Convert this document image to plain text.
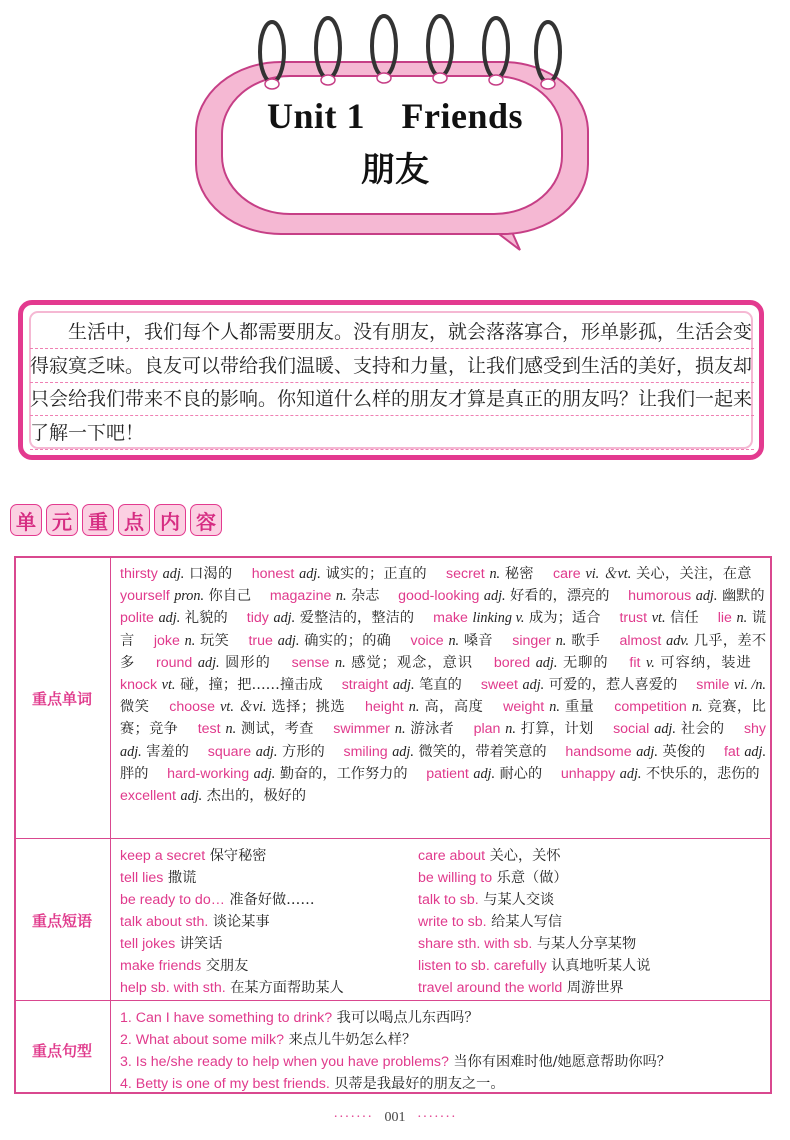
Unit 1　Friends
朋友

生活中，我们每个人都需要朋友。没有朋友，就会落落寡合，形单影孤，生活会变得寂寞乏味。良友可以带给我们温暖、支持和力量，让我们感受到生活的美好，损友却只会给我们带来不良的影响。你知道什么样的朋友才算是真正的朋友吗？让我们一起来了解一下吧！

单 元 重 点 内 容
重点单词
重点短语
重点句型

thirsty adj. 口渴的　 honest adj. 诚实的；正直的　 secret n. 秘密　 care vi. ＆vt. 关心，关注，在意　 yourself pron. 你自己　 magazine n. 杂志　 good-looking adj. 好看的，漂亮的　 humorous adj. 幽默的　 polite adj. 礼貌的　 tidy adj. 爱整洁的，整洁的　 make linking v. 成为；适合　 trust vt. 信任　 lie n. 谎言　 joke n. 玩笑　 true adj. 确实的；的确　 voice n. 嗓音　 singer n. 歌手　 almost adv. 几乎，差不多　 round adj. 圆形的　 sense n. 感觉；观念，意识　 bored adj. 无聊的　 fit v. 可容纳，装进　 knock vt. 碰，撞；把……撞击成　 straight adj. 笔直的　 sweet adj. 可爱的，惹人喜爱的　 smile vi. /n. 微笑　 choose vt. ＆vi. 选择；挑选　 height n. 高，高度　 weight n. 重量　 competition n. 竞赛，比赛；竞争　 test n. 测试，考查　 swimmer n. 游泳者　 plan n. 打算，计划　 social adj. 社会的　 shy adj. 害羞的　 square adj. 方形的　 smiling adj. 微笑的，带着笑意的　 handsome adj. 英俊的　 fat adj. 胖的　 hard-working adj. 勤奋的，工作努力的　 patient adj. 耐心的　 unhappy adj. 不快乐的，悲伤的　 excellent adj. 杰出的，极好的　

keep a secret 保守秘密
tell lies 撒谎
be ready to do… 准备好做……
talk about sth. 谈论某事
tell jokes 讲笑话
make friends 交朋友
help sb. with sth. 在某方面帮助某人
care about 关心，关怀
be willing to 乐意（做）
talk to sb. 与某人交谈
write to sb. 给某人写信
share sth. with sb. 与某人分享某物
listen to sb. carefully 认真地听某人说
travel around the world 周游世界
1. Can I have something to drink? 我可以喝点儿东西吗？
2. What about some milk? 来点儿牛奶怎么样？
3. Is he/she ready to help when you have problems? 当你有困难时他/她愿意帮助你吗？
4. Betty is one of my best friends. 贝蒂是我最好的朋友之一。
······· 001 ·······
